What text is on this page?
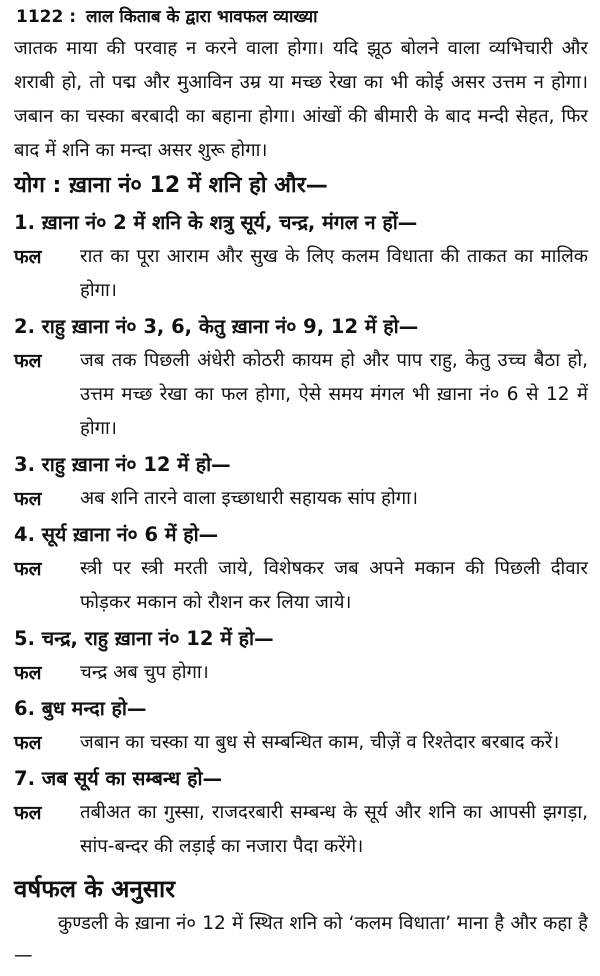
1122 : लाल किताब के द्वारा भावफल व्याख्या

जातक माया की परवाह न करने वाला होगा। यदि झूठ बोलने वाला व्यभिचारी और शराबी हो, तो पद्म और मुआविन उम्र या मच्छ रेखा का भी कोई असर उत्तम न होगा। जबान का चस्का बरबादी का बहाना होगा। आंखों की बीमारी के बाद मन्दी सेहत, फिर बाद में शनि का मन्दा असर शुरू होगा।

योग : ख़ाना नं० 12 में शनि हो और—
1. ख़ाना नं० 2 में शनि के शत्रु सूर्य, चन्द्र, मंगल न हों—
फल	रात का पूरा आराम और सुख के लिए कलम विधाता की ताकत का मालिक होगा।
2. राहु ख़ाना नं० 3, 6, केतु ख़ाना नं० 9, 12 में हो—
फल	जब तक पिछली अंधेरी कोठरी कायम हो और पाप राहु, केतु उच्च बैठा हो, उत्तम मच्छ रेखा का फल होगा, ऐसे समय मंगल भी ख़ाना नं० 6 से 12 में होगा।
3. राहु ख़ाना नं० 12 में हो—
फल	अब शनि तारने वाला इच्छाधारी सहायक सांप होगा।
4. सूर्य ख़ाना नं० 6 में हो—
फल	स्त्री पर स्त्री मरती जाये, विशेषकर जब अपने मकान की पिछली दीवार फोड़कर मकान को रौशन कर लिया जाये।
5. चन्द्र, राहु ख़ाना नं० 12 में हो—
फल	चन्द्र अब चुप होगा।
6. बुध मन्दा हो—
फल	जबान का चस्का या बुध से सम्बन्धित काम, चीज़ें व रिश्तेदार बरबाद करें।
7. जब सूर्य का सम्बन्ध हो—
फल	तबीअत का गुस्सा, राजदरबारी सम्बन्ध के सूर्य और शनि का आपसी झगड़ा, सांप-बन्दर की लड़ाई का नजारा पैदा करेंगे।
वर्षफल के अनुसार

कुण्डली के ख़ाना नं० 12 में स्थित शनि को ‘कलम विधाता’ माना है और कहा है—
